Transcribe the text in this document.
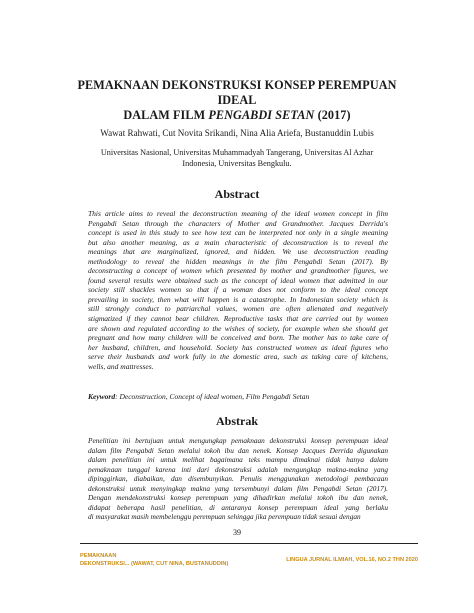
PEMAKNAAN DEKONSTRUKSI KONSEP PEREMPUAN IDEAL
DALAM FILM PENGABDI SETAN (2017)
Wawat Rahwati, Cut Novita Srikandi, Nina Alia Ariefa, Bustanuddin Lubis
Universitas Nasional, Universitas Muhammadyah Tangerang, Universitas Al Azhar
Indonesia, Universitas Bengkulu.
Abstract
This article aims to reveal the deconstruction meaning of the ideal women concept in film
Pengabdi Setan through the characters of Mother and Grandmother. Jacques Derrida's
concept is used in this study to see how text can be interpreted not only in a single meaning
but also another meaning, as a main characteristic of deconstruction is to reveal the
meanings that are marginalized, ignored, and hidden. We use deconstruction reading
methodology to reveal the hidden meanings in the film Pengabdi Setan (2017). By
deconstructing a concept of women which presented by mother and grandmother figures, we
found several results were obtained such as the concept of ideal women that admitted in our
society still shackles women so that if a woman does not conform to the ideal concept
prevailing in society, then what will happen is a catastrophe. In Indonesian society which is
still strongly conduct to patriarchal values, women are often alienated and negatively
stigmatized if they cannot bear children. Reproductive tasks that are carried out by women
are shown and regulated according to the wishes of society, for example when she should get
pregnant and how many children will be conceived and born. The mother has to take care of
her husband, children, and household. Society has constructed women as ideal figures who
serve their husbands and work fully in the domestic area, such as taking care of kitchens,
wells, and mattresses.
Keyword: Deconstruction, Concept of ideal women, Film Pengabdi Setan
Abstrak
Penelitian ini bertujuan untuk mengungkap pemaknaan dekonstruksi konsep perempuan ideal
dalam film Pengabdi Setan melalui tokoh ibu dan nenek. Konsep Jacques Derrida digunakan
dalam penelitian ini untuk melihat bagaimana teks mampu dimaknai tidak hanya dalam
pemaknaan tunggal karena inti dari dekonstruksi adalah mengungkap makna-makna yang
dipinggirkan, diabaikan, dan disembunyikan. Penulis menggunakan metodologi pembacaan
dekonstruksi untuk menyingkap makna yang tersembunyi dalam film Pengabdi Setan (2017).
Dengan mendekonstruksi konsep perempuan yang dihadirkan melalui tokoh ibu dan nenek,
didapat beberapa hasil penelitian, di antaranya konsep perempuan ideal yang berlaku
di masyarakat masih membelenggu perempuan sehingga jika perempuan tidak sesuai dengan
39
PEMAKNAAN
DEKONSTRUKSI... (WAWAT, CUT NINA, BUSTANUDDIN)
LINGUA JURNAL ILMIAH, VOL.16, NO.2 THN 2020
